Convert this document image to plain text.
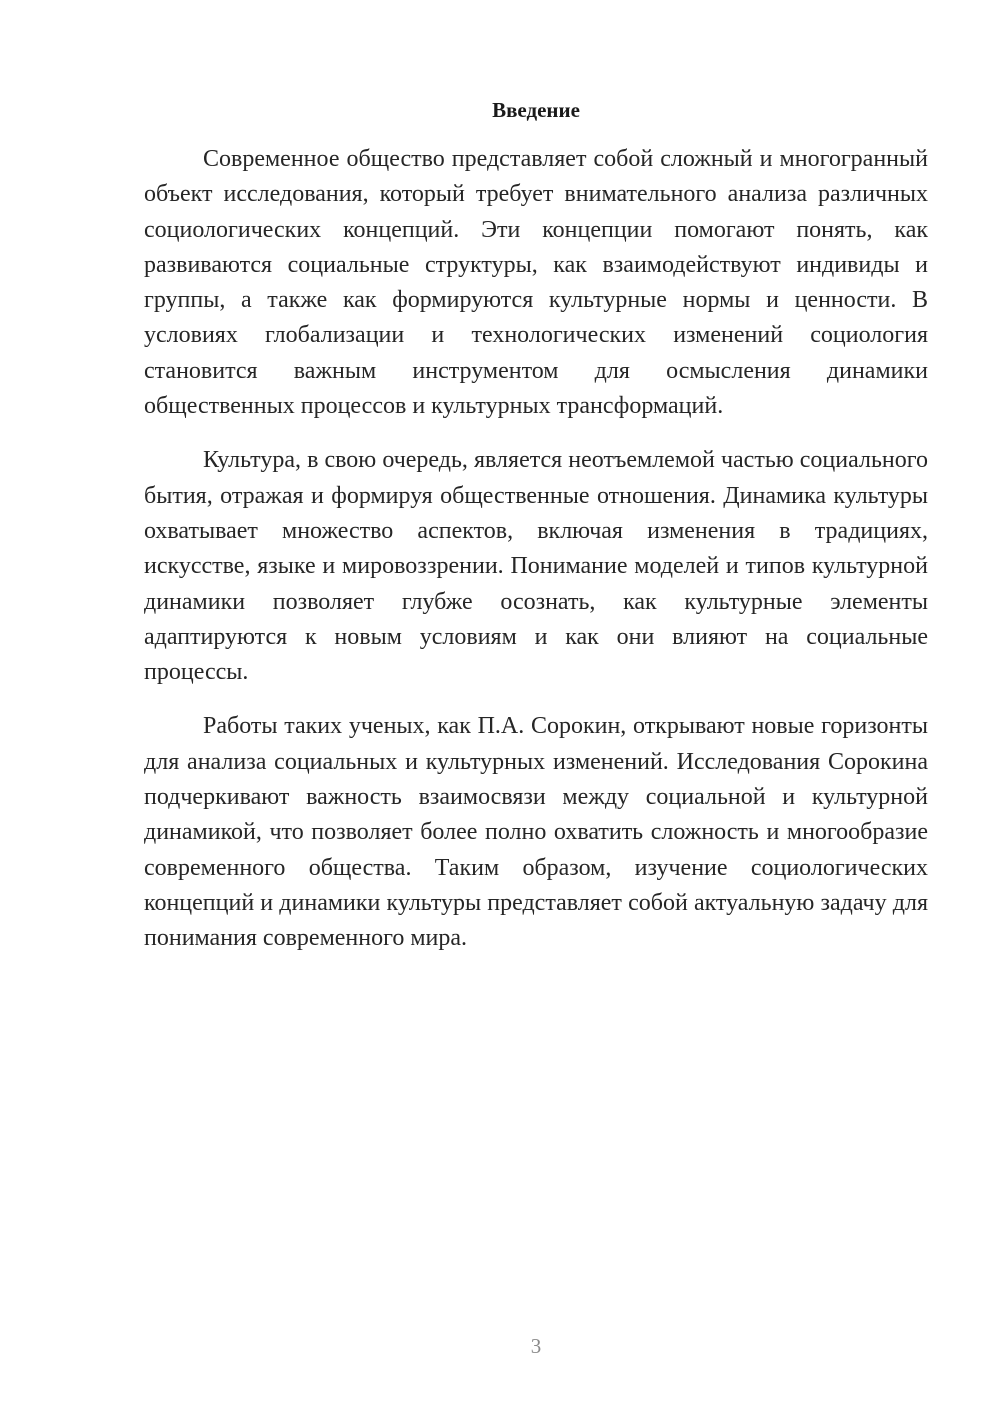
Введение

Современное общество представляет собой сложный и многогранный объект исследования, который требует внимательного анализа различных социологических концепций. Эти концепции помогают понять, как развиваются социальные структуры, как взаимодействуют индивиды и группы, а также как формируются культурные нормы и ценности. В условиях глобализации и технологических изменений социология становится важным инструментом для осмысления динамики общественных процессов и культурных трансформаций.

Культура, в свою очередь, является неотъемлемой частью социального бытия, отражая и формируя общественные отношения. Динамика культуры охватывает множество аспектов, включая изменения в традициях, искусстве, языке и мировоззрении. Понимание моделей и типов культурной динамики позволяет глубже осознать, как культурные элементы адаптируются к новым условиям и как они влияют на социальные процессы.

Работы таких ученых, как П.А. Сорокин, открывают новые горизонты для анализа социальных и культурных изменений. Исследования Сорокина подчеркивают важность взаимосвязи между социальной и культурной динамикой, что позволяет более полно охватить сложность и многообразие современного общества. Таким образом, изучение социологических концепций и динамики культуры представляет собой актуальную задачу для понимания современного мира.

3
